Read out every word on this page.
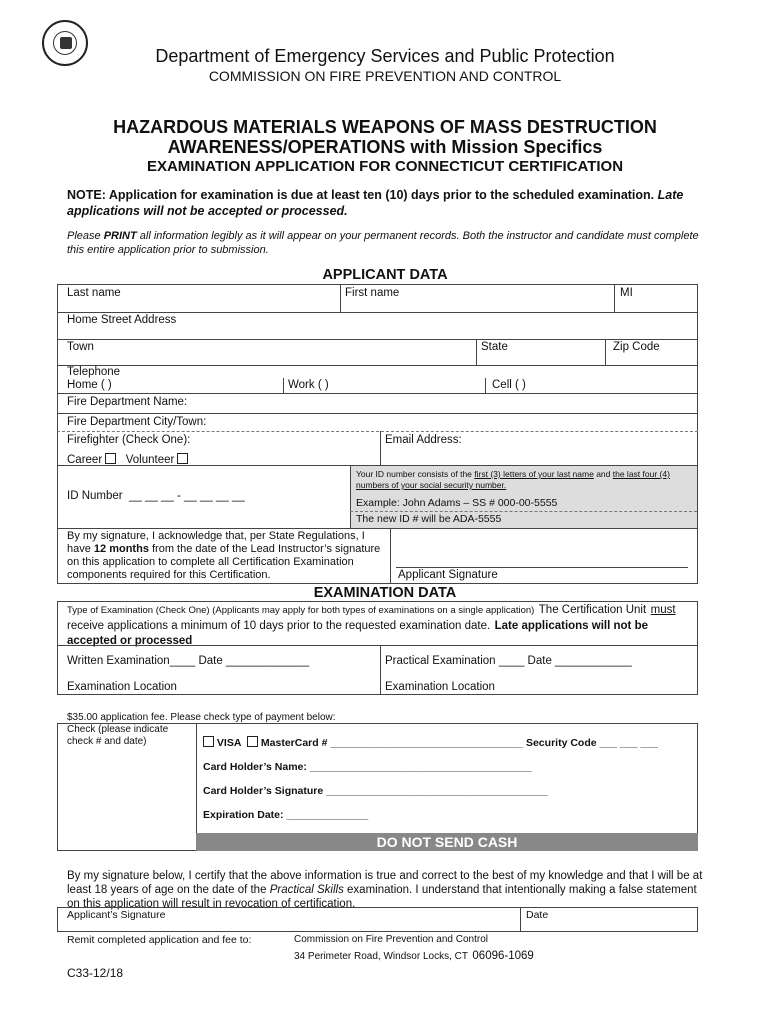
Department of Emergency Services and Public Protection
COMMISSION ON FIRE PREVENTION AND CONTROL
HAZARDOUS MATERIALS WEAPONS OF MASS DESTRUCTION
AWARENESS/OPERATIONS with Mission Specifics
EXAMINATION APPLICATION FOR CONNECTICUT CERTIFICATION
NOTE: Application for examination is due at least ten (10) days prior to the scheduled examination. Late applications will not be accepted or processed.
Please PRINT all information legibly as it will appear on your permanent records. Both the instructor and candidate must complete this entire application prior to submission.
APPLICANT DATA
Last name	First name	MI
Home Street Address
Town	State	Zip Code
Telephone
Home ( )	Work ( )	Cell ( )
Fire Department Name:
Fire Department City/Town:
Firefighter (Check One):	Email Address:
Career Volunteer
Your ID number consists of the first (3) letters of your last name and the last four (4) numbers of your social security number.
Example: John Adams – SS # 000-00-5555
The new ID # will be ADA-5555
ID Number __ __ __ - __ __ __ __
By my signature, I acknowledge that, per State Regulations, I have 12 months from the date of the Lead Instructor’s signature on this application to complete all Certification Examination components required for this Certification.	Applicant Signature
EXAMINATION DATA
Type of Examination (Check One) (Applicants may apply for both types of examinations on a single application) The Certification Unit must receive applications a minimum of 10 days prior to the requested examination date. Late applications will not be accepted or processed
Written Examination____ Date _____________	Practical Examination ____ Date ____________
Examination Location	Examination Location
$35.00 application fee. Please check type of payment below:
Check (please indicate check # and date)	VISA MasterCard # _________________________________ Security Code ___ ___ ___
Card Holder’s Name: ______________________________________
Card Holder’s Signature ______________________________________
Expiration Date: ______________
DO NOT SEND CASH
By my signature below, I certify that the above information is true and correct to the best of my knowledge and that I will be at least 18 years of age on the date of the Practical Skills examination. I understand that intentionally making a false statement on this application will result in revocation of certification.
Applicant’s Signature	Date
Remit completed application and fee to:	Commission on Fire Prevention and Control
34 Perimeter Road, Windsor Locks, CT 06096-1069
C33-12/18
